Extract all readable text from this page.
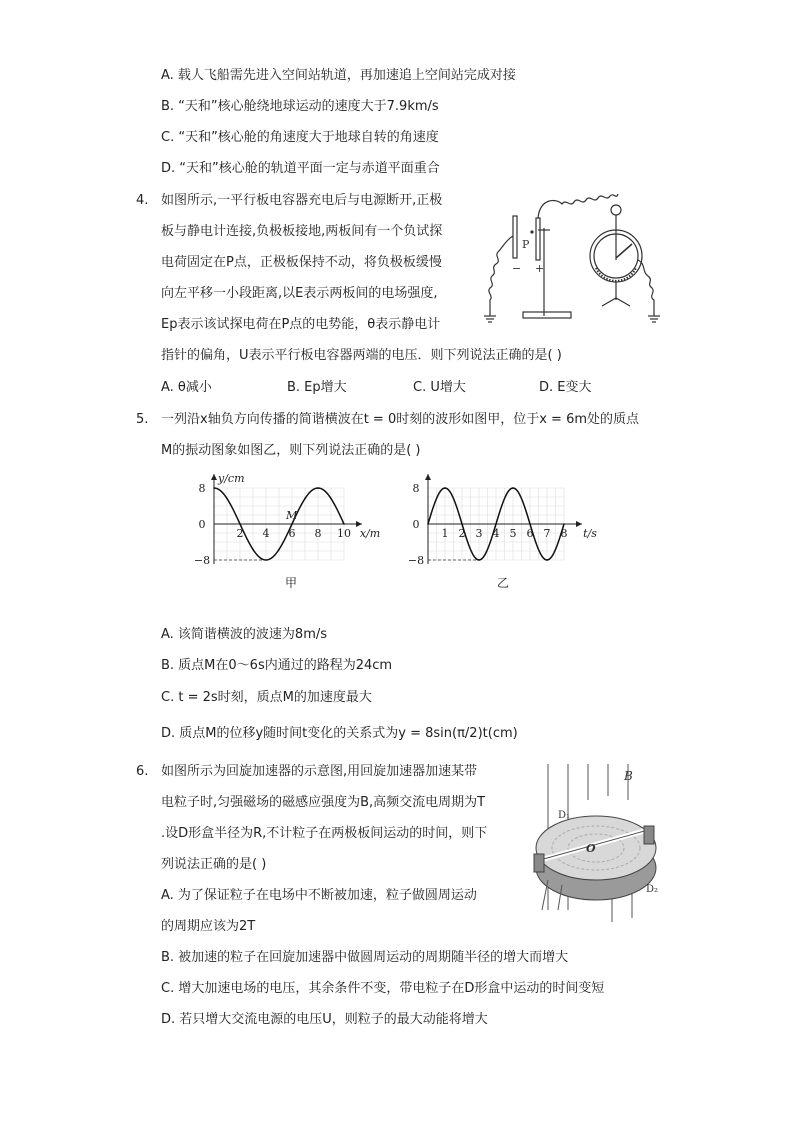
A. 载人飞船需先进入空间站轨道，再加速追上空间站完成对接
B. “天和”核心舱绕地球运动的速度大于7.9km/s
C. “天和”核心舱的角速度大于地球自转的角速度
D. “天和”核心舱的轨道平面一定与赤道平面重合
4. 如图所示,一平行板电容器充电后与电源断开,正极
板与静电计连接,负极板接地,两板间有一个负试探
电荷固定在P点，正极板保持不动，将负极板缓慢
向左平移一小段距离,以E表示两板间的电场强度,
Ep表示该试探电荷在P点的电势能，θ表示静电计
指针的偏角，U表示平行板电容器两端的电压．则下列说法正确的是( )
A. θ减小	B. Ep增大	C. U增大	D. E变大
P
− +
5. 一列沿x轴负方向传播的简谐横波在t = 0时刻的波形如图甲，位于x = 6m处的质点
M的振动图象如图乙，则下列说法正确的是( )
8
0
−8
2 4 6 8 10 x/m
y/cm
M
8
0
−8
1 2 3 4 5 6 7 8 t/s
甲	乙
A. 该简谐横波的波速为8m/s
B. 质点M在0～6s内通过的路程为24cm
C. t = 2s时刻，质点M的加速度最大
D. 质点M的位移y随时间t变化的关系式为y = 8sin(π/2)t(cm)
6. 如图所示为回旋加速器的示意图,用回旋加速器加速某带
电粒子时,匀强磁场的磁感应强度为B,高频交流电周期为T
.设D形盒半径为R,不计粒子在两极板间运动的时间，则下
列说法正确的是( )
A. 为了保证粒子在电场中不断被加速，粒子做圆周运动
的周期应该为2T
B. 被加速的粒子在回旋加速器中做圆周运动的周期随半径的增大而增大
C. 增大加速电场的电压，其余条件不变，带电粒子在D形盒中运动的时间变短
D. 若只增大交流电源的电压U，则粒子的最大动能将增大
B
D₁
D₂
O
